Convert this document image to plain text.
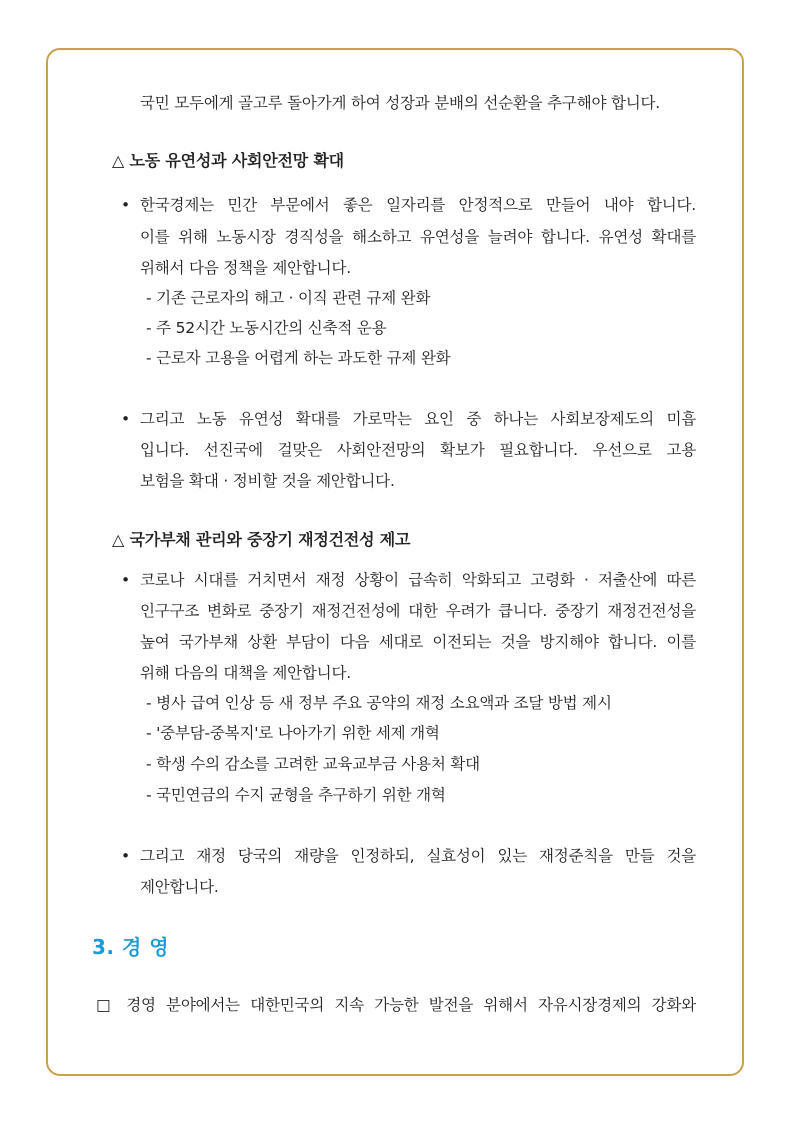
국민 모두에게 골고루 돌아가게 하여 성장과 분배의 선순환을 추구해야 합니다.
△ 노동 유연성과 사회안전망 확대
• 한국경제는 민간 부문에서 좋은 일자리를 안정적으로 만들어 내야 합니다.
이를 위해 노동시장 경직성을 해소하고 유연성을 늘려야 합니다. 유연성 확대를
위해서 다음 정책을 제안합니다.
- 기존 근로자의 해고 · 이직 관련 규제 완화
- 주 52시간 노동시간의 신축적 운용
- 근로자 고용을 어렵게 하는 과도한 규제 완화
• 그리고 노동 유연성 확대를 가로막는 요인 중 하나는 사회보장제도의 미흡
입니다. 선진국에 걸맞은 사회안전망의 확보가 필요합니다. 우선으로 고용
보험을 확대 · 정비할 것을 제안합니다.
△ 국가부채 관리와 중장기 재정건전성 제고
• 코로나 시대를 거치면서 재정 상황이 급속히 악화되고 고령화 · 저출산에 따른
인구구조 변화로 중장기 재정건전성에 대한 우려가 큽니다. 중장기 재정건전성을
높여 국가부채 상환 부담이 다음 세대로 이전되는 것을 방지해야 합니다. 이를
위해 다음의 대책을 제안합니다.
- 병사 급여 인상 등 새 정부 주요 공약의 재정 소요액과 조달 방법 제시
- '중부담-중복지'로 나아가기 위한 세제 개혁
- 학생 수의 감소를 고려한 교육교부금 사용처 확대
- 국민연금의 수지 균형을 추구하기 위한 개혁
• 그리고 재정 당국의 재량을 인정하되, 실효성이 있는 재정준칙을 만들 것을
제안합니다.
3. 경 영
□ 경영 분야에서는 대한민국의 지속 가능한 발전을 위해서 자유시장경제의 강화와
